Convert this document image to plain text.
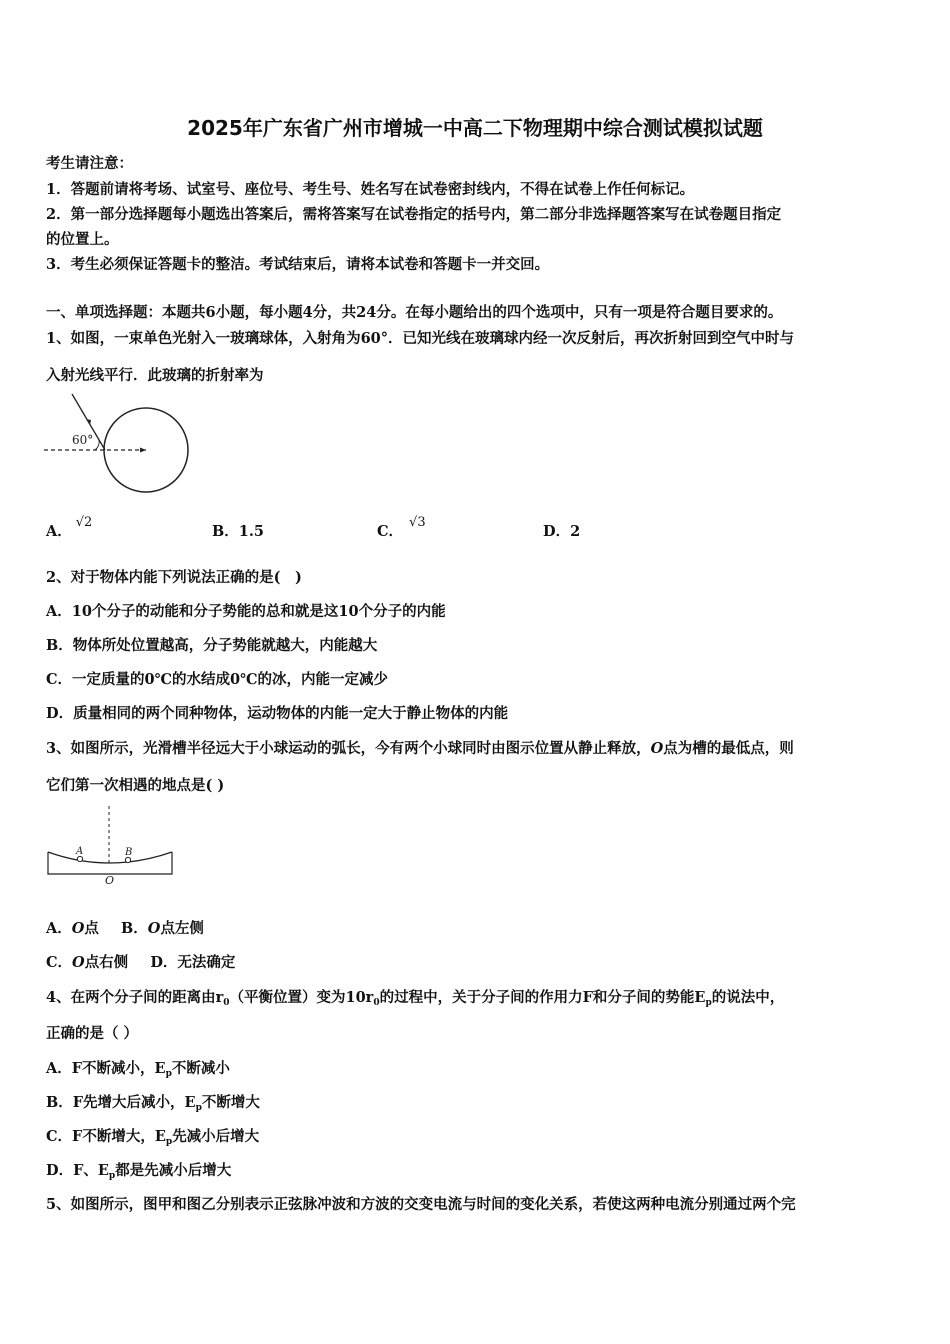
2025年广东省广州市增城一中高二下物理期中综合测试模拟试题
考生请注意：
1．答题前请将考场、试室号、座位号、考生号、姓名写在试卷密封线内，不得在试卷上作任何标记。
2．第一部分选择题每小题选出答案后，需将答案写在试卷指定的括号内，第二部分非选择题答案写在试卷题目指定
的位置上。
3．考生必须保证答题卡的整洁。考试结束后，请将本试卷和答题卡一并交回。
一、单项选择题：本题共6小题，每小题4分，共24分。在每小题给出的四个选项中，只有一项是符合题目要求的。
1、如图，一束单色光射入一玻璃球体，入射角为60°．已知光线在玻璃球内经一次反射后，再次折射回到空气中时与
入射光线平行．此玻璃的折射率为
60°
A．√2
B．1.5	C．√3
D．2
2、对于物体内能下列说法正确的是(　)
A．10个分子的动能和分子势能的总和就是这10个分子的内能
B．物体所处位置越高，分子势能就越大，内能越大
C．一定质量的0℃的水结成0℃的冰，内能一定减少
D．质量相同的两个同种物体，运动物体的内能一定大于静止物体的内能
3、如图所示，光滑槽半径远大于小球运动的弧长，今有两个小球同时由图示位置从静止释放，O点为槽的最低点，则
它们第一次相遇的地点是( )
A	B
O
A．O点 B．O点左侧
C．O点右侧 D．无法确定
4、在两个分子间的距离由$r_0$（平衡位置）变为$10r_0$的过程中，关于分子间的作用力F和分子间的势能$E_p$的说法中，
正确的是（ ）
A．F不断减小，$E_p$不断减小
B．F先增大后减小，$E_p$不断增大
C．F不断增大，$E_p$先减小后增大
D．F、$E_p$都是先减小后增大
5、如图所示，图甲和图乙分别表示正弦脉冲波和方波的交变电流与时间的变化关系，若使这两种电流分别通过两个完
